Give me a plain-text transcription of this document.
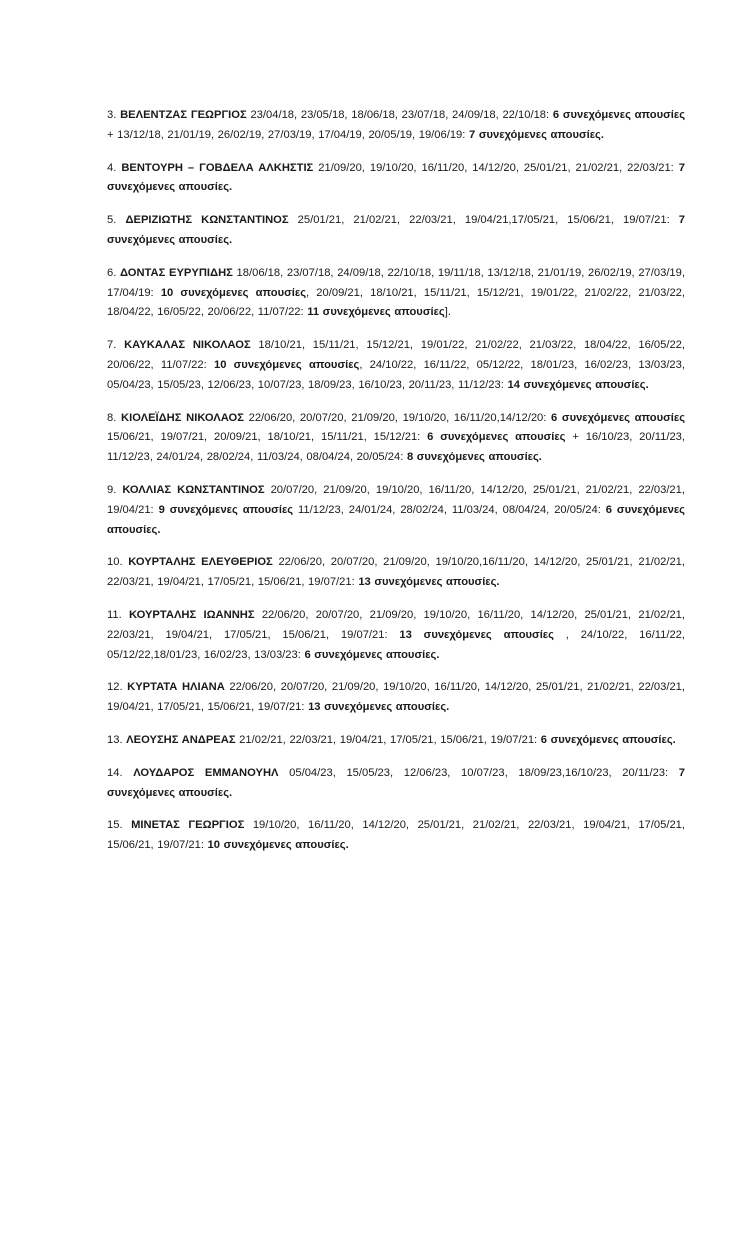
3. ΒΕΛΕΝΤΖΑΣ ΓΕΩΡΓΙΟΣ 23/04/18, 23/05/18, 18/06/18, 23/07/18, 24/09/18, 22/10/18: 6 συνεχόμενες απουσίες + 13/12/18, 21/01/19, 26/02/19, 27/03/19, 17/04/19, 20/05/19, 19/06/19: 7 συνεχόμενες απουσίες.

4. ΒΕΝΤΟΥΡΗ – ΓΟΒΔΕΛΑ ΑΛΚΗΣΤΙΣ 21/09/20, 19/10/20, 16/11/20, 14/12/20, 25/01/21, 21/02/21, 22/03/21: 7 συνεχόμενες απουσίες.

5. ΔΕΡΙΖΙΩΤΗΣ ΚΩΝΣΤΑΝΤΙΝΟΣ 25/01/21, 21/02/21, 22/03/21, 19/04/21,17/05/21, 15/06/21, 19/07/21: 7 συνεχόμενες απουσίες.

6. ΔΟΝΤΑΣ ΕΥΡΥΠΙΔΗΣ 18/06/18, 23/07/18, 24/09/18, 22/10/18, 19/11/18, 13/12/18, 21/01/19, 26/02/19, 27/03/19, 17/04/19: 10 συνεχόμενες απουσίες, 20/09/21, 18/10/21, 15/11/21, 15/12/21, 19/01/22, 21/02/22, 21/03/22, 18/04/22, 16/05/22, 20/06/22, 11/07/22: 11 συνεχόμενες απουσίες].

7. ΚΑΥΚΑΛΑΣ ΝΙΚΟΛΑΟΣ 18/10/21, 15/11/21, 15/12/21, 19/01/22, 21/02/22, 21/03/22, 18/04/22, 16/05/22, 20/06/22, 11/07/22: 10 συνεχόμενες απουσίες, 24/10/22, 16/11/22, 05/12/22, 18/01/23, 16/02/23, 13/03/23, 05/04/23, 15/05/23, 12/06/23, 10/07/23, 18/09/23, 16/10/23, 20/11/23, 11/12/23: 14 συνεχόμενες απουσίες.

8. ΚΙΟΛΕΪΔΗΣ ΝΙΚΟΛΑΟΣ 22/06/20, 20/07/20, 21/09/20, 19/10/20, 16/11/20,14/12/20: 6 συνεχόμενες απουσίες 15/06/21, 19/07/21, 20/09/21, 18/10/21, 15/11/21, 15/12/21: 6 συνεχόμενες απουσίες + 16/10/23, 20/11/23, 11/12/23, 24/01/24, 28/02/24, 11/03/24, 08/04/24, 20/05/24: 8 συνεχόμενες απουσίες.

9. ΚΟΛΛΙΑΣ ΚΩΝΣΤΑΝΤΙΝΟΣ 20/07/20, 21/09/20, 19/10/20, 16/11/20, 14/12/20, 25/01/21, 21/02/21, 22/03/21, 19/04/21: 9 συνεχόμενες απουσίες 11/12/23, 24/01/24, 28/02/24, 11/03/24, 08/04/24, 20/05/24: 6 συνεχόμενες απουσίες.

10. ΚΟΥΡΤΑΛΗΣ ΕΛΕΥΘΕΡΙΟΣ 22/06/20, 20/07/20, 21/09/20, 19/10/20,16/11/20, 14/12/20, 25/01/21, 21/02/21, 22/03/21, 19/04/21, 17/05/21, 15/06/21, 19/07/21: 13 συνεχόμενες απουσίες.

11. ΚΟΥΡΤΑΛΗΣ ΙΩΑΝΝΗΣ 22/06/20, 20/07/20, 21/09/20, 19/10/20, 16/11/20, 14/12/20, 25/01/21, 21/02/21, 22/03/21, 19/04/21, 17/05/21, 15/06/21, 19/07/21: 13 συνεχόμενες απουσίες , 24/10/22, 16/11/22, 05/12/22,18/01/23, 16/02/23, 13/03/23: 6 συνεχόμενες απουσίες.

12. ΚΥΡΤΑΤΑ ΗΛΙΑΝΑ 22/06/20, 20/07/20, 21/09/20, 19/10/20, 16/11/20, 14/12/20, 25/01/21, 21/02/21, 22/03/21, 19/04/21, 17/05/21, 15/06/21, 19/07/21: 13 συνεχόμενες απουσίες.

13. ΛΕΟΥΣΗΣ ΑΝΔΡΕΑΣ 21/02/21, 22/03/21, 19/04/21, 17/05/21, 15/06/21, 19/07/21: 6 συνεχόμενες απουσίες.

14. ΛΟΥΔΑΡΟΣ ΕΜΜΑΝΟΥΗΛ 05/04/23, 15/05/23, 12/06/23, 10/07/23, 18/09/23,16/10/23, 20/11/23: 7 συνεχόμενες απουσίες.

15. ΜΙΝΕΤΑΣ ΓΕΩΡΓΙΟΣ 19/10/20, 16/11/20, 14/12/20, 25/01/21, 21/02/21, 22/03/21, 19/04/21, 17/05/21, 15/06/21, 19/07/21: 10 συνεχόμενες απουσίες.
